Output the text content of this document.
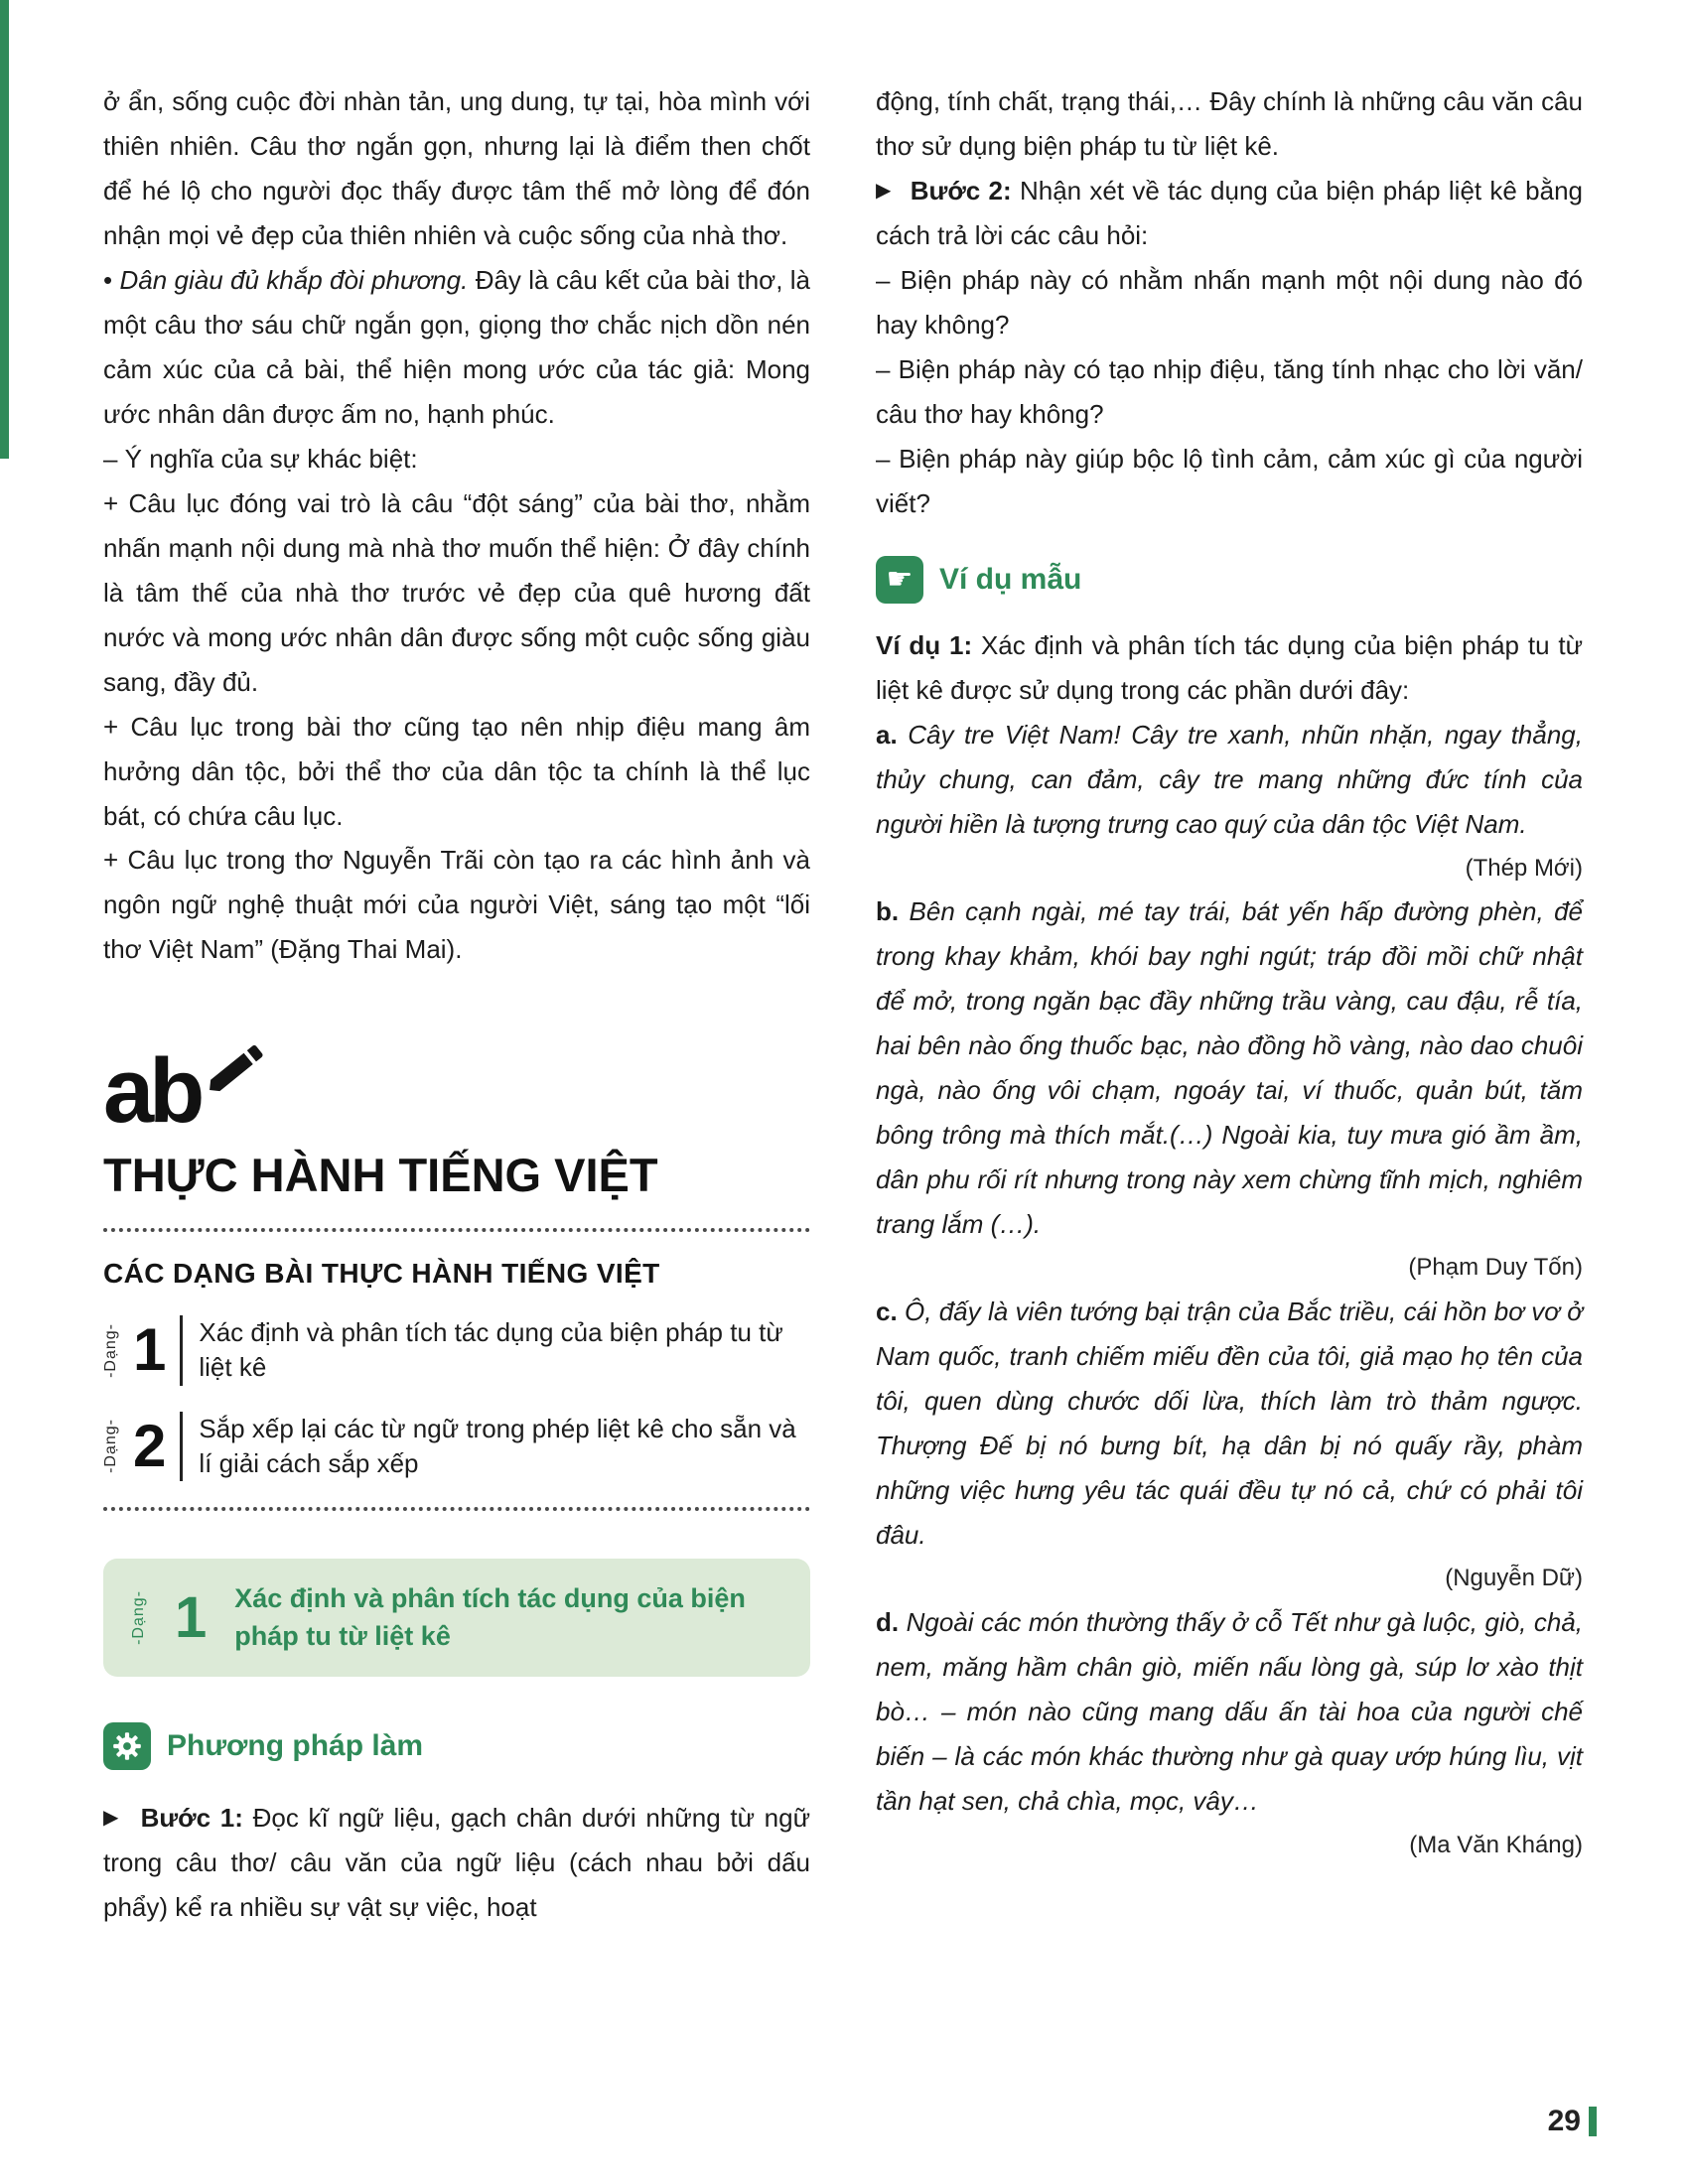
ở ẩn, sống cuộc đời nhàn tản, ung dung, tự tại, hòa mình với thiên nhiên. Câu thơ ngắn gọn, nhưng lại là điểm then chốt để hé lộ cho người đọc thấy được tâm thế mở lòng để đón nhận mọi vẻ đẹp của thiên nhiên và cuộc sống của nhà thơ.

• Dân giàu đủ khắp đòi phương. Đây là câu kết của bài thơ, là một câu thơ sáu chữ ngắn gọn, giọng thơ chắc nịch dồn nén cảm xúc của cả bài, thể hiện mong ước của tác giả: Mong ước nhân dân được ấm no, hạnh phúc.

– Ý nghĩa của sự khác biệt:

+ Câu lục đóng vai trò là câu “đột sáng” của bài thơ, nhằm nhấn mạnh nội dung mà nhà thơ muốn thể hiện: Ở đây chính là tâm thế của nhà thơ trước vẻ đẹp của quê hương đất nước và mong ước nhân dân được sống một cuộc sống giàu sang, đầy đủ.

+ Câu lục trong bài thơ cũng tạo nên nhịp điệu mang âm hưởng dân tộc, bởi thể thơ của dân tộc ta chính là thể lục bát, có chứa câu lục.

+ Câu lục trong thơ Nguyễn Trãi còn tạo ra các hình ảnh và ngôn ngữ nghệ thuật mới của người Việt, sáng tạo một “lối thơ Việt Nam” (Đặng Thai Mai).

ab
THỰC HÀNH TIẾNG VIỆT
CÁC DẠNG BÀI THỰC HÀNH TIẾNG VIỆT
-Dạng- 1	Xác định và phân tích tác dụng của biện pháp tu từ liệt kê
-Dạng- 2	Sắp xếp lại các từ ngữ trong phép liệt kê cho sẵn và lí giải cách sắp xếp
-Dạng- 1 Xác định và phân tích tác dụng của biện pháp tu từ liệt kê
Phương pháp làm

▶ Bước 1: Đọc kĩ ngữ liệu, gạch chân dưới những từ ngữ trong câu thơ/ câu văn của ngữ liệu (cách nhau bởi dấu phẩy) kể ra nhiều sự vật sự việc, hoạt

động, tính chất, trạng thái,… Đây chính là những câu văn câu thơ sử dụng biện pháp tu từ liệt kê.

▶ Bước 2: Nhận xét về tác dụng của biện pháp liệt kê bằng cách trả lời các câu hỏi:

– Biện pháp này có nhằm nhấn mạnh một nội dung nào đó hay không?

– Biện pháp này có tạo nhịp điệu, tăng tính nhạc cho lời văn/ câu thơ hay không?

– Biện pháp này giúp bộc lộ tình cảm, cảm xúc gì của người viết?

☛ Ví dụ mẫu

Ví dụ 1: Xác định và phân tích tác dụng của biện pháp tu từ liệt kê được sử dụng trong các phần dưới đây:

a. Cây tre Việt Nam! Cây tre xanh, nhũn nhặn, ngay thẳng, thủy chung, can đảm, cây tre mang những đức tính của người hiền là tượng trưng cao quý của dân tộc Việt Nam.

(Thép Mới)

b. Bên cạnh ngài, mé tay trái, bát yến hấp đường phèn, để trong khay khảm, khói bay nghi ngút; tráp đồi mồi chữ nhật để mở, trong ngăn bạc đầy những trầu vàng, cau đậu, rễ tía, hai bên nào ống thuốc bạc, nào đồng hồ vàng, nào dao chuôi ngà, nào ống vôi chạm, ngoáy tai, ví thuốc, quản bút, tăm bông trông mà thích mắt.(…) Ngoài kia, tuy mưa gió ầm ầm, dân phu rối rít nhưng trong này xem chừng tĩnh mịch, nghiêm trang lắm (…).

(Phạm Duy Tốn)

c. Ô, đấy là viên tướng bại trận của Bắc triều, cái hồn bơ vơ ở Nam quốc, tranh chiếm miếu đền của tôi, giả mạo họ tên của tôi, quen dùng chước dối lừa, thích làm trò thảm ngược. Thượng Đế bị nó bưng bít, hạ dân bị nó quấy rầy, phàm những việc hưng yêu tác quái đều tự nó cả, chứ có phải tôi đâu.

(Nguyễn Dữ)

d. Ngoài các món thường thấy ở cỗ Tết như gà luộc, giò, chả, nem, măng hầm chân giò, miến nấu lòng gà, súp lơ xào thịt bò… – món nào cũng mang dấu ấn tài hoa của người chế biến – là các món khác thường như gà quay ướp húng lìu, vịt tần hạt sen, chả chìa, mọc, vây…

(Ma Văn Kháng)

29
